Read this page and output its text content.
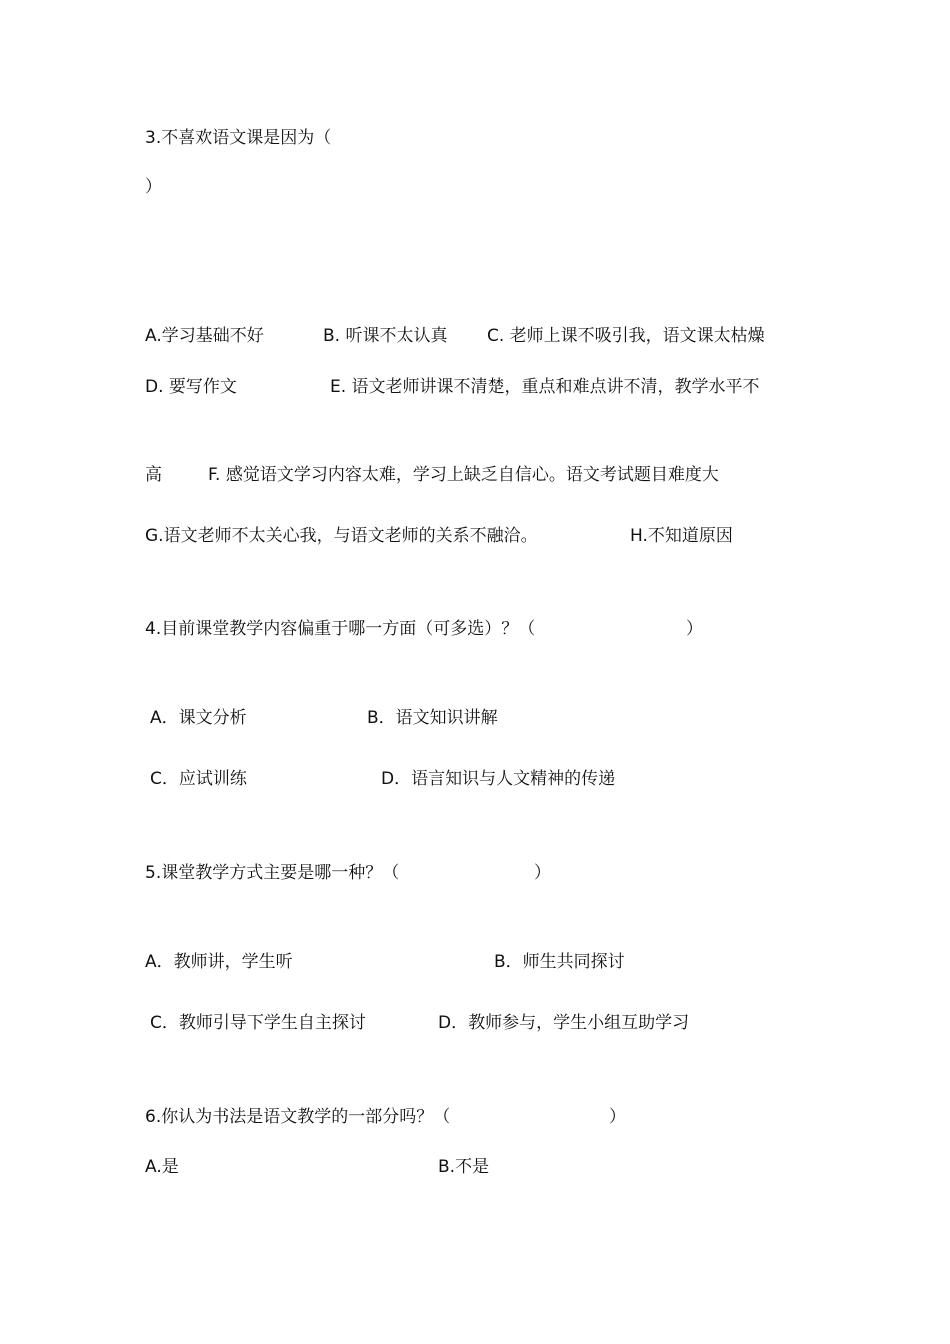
3.不喜欢语文课是因为（
）
A.学习基础不好	B. 听课不太认真 C. 老师上课不吸引我，语文课太枯燥
D. 要写作文	E. 语文老师讲课不清楚，重点和难点讲不清，教学水平不
高	F. 感觉语文学习内容太难，学习上缺乏自信心。语文考试题目难度大
G.语文老师不太关心我，与语文老师的关系不融洽。	H.不知道原因
4.目前课堂教学内容偏重于哪一方面（可多选）？（	）
A．课文分析	B．语文知识讲解
C．应试训练	D．语言知识与人文精神的传递
5.课堂教学方式主要是哪一种？（	）
A．教师讲，学生听	B．师生共同探讨
C．教师引导下学生自主探讨	D．教师参与，学生小组互助学习
6.你认为书法是语文教学的一部分吗？（	）
A.是	B.不是
